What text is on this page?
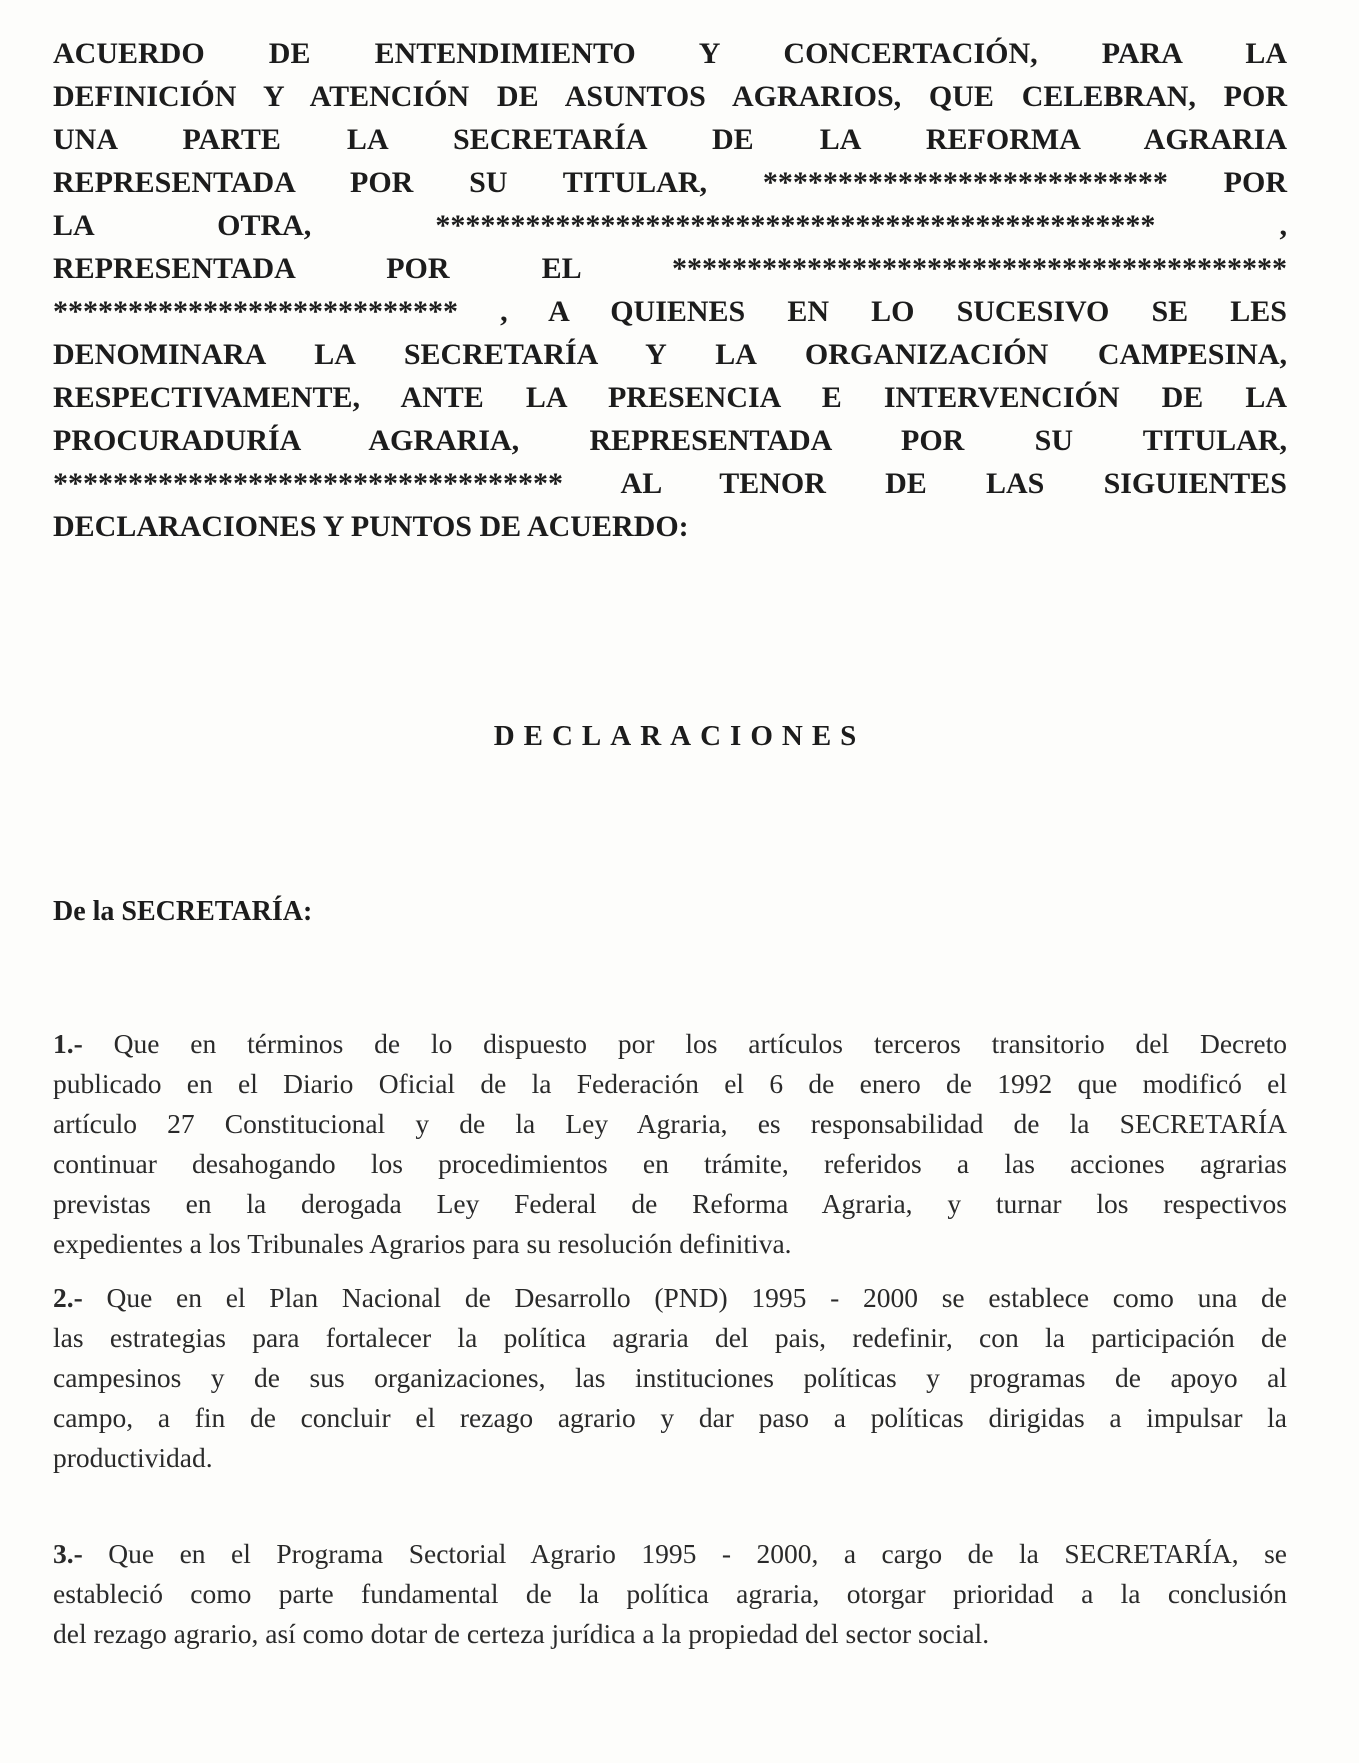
ACUERDO DE ENTENDIMIENTO Y CONCERTACIÓN, PARA LA
DEFINICIÓN Y ATENCIÓN DE ASUNTOS AGRARIOS, QUE CELEBRAN, POR
UNA PARTE LA SECRETARÍA DE LA REFORMA AGRARIA
REPRESENTADA POR SU TITULAR, *************************** POR
LA OTRA, ************************************************ ,
REPRESENTADA POR EL *****************************************
*************************** , A QUIENES EN LO SUCESIVO SE LES
DENOMINARA LA SECRETARÍA Y LA ORGANIZACIÓN CAMPESINA,
RESPECTIVAMENTE, ANTE LA PRESENCIA E INTERVENCIÓN DE LA
PROCURADURÍA AGRARIA, REPRESENTADA POR SU TITULAR,
********************************** AL TENOR DE LAS SIGUIENTES
DECLARACIONES Y PUNTOS DE ACUERDO:
DECLARACIONES
De la SECRETARÍA:
1.- Que en términos de lo dispuesto por los artículos terceros transitorio del Decreto
publicado en el Diario Oficial de la Federación el 6 de enero de 1992 que modificó el
artículo 27 Constitucional y de la Ley Agraria, es responsabilidad de la SECRETARÍA
continuar desahogando los procedimientos en trámite, referidos a las acciones agrarias
previstas en la derogada Ley Federal de Reforma Agraria, y turnar los respectivos
expedientes a los Tribunales Agrarios para su resolución definitiva.
2.- Que en el Plan Nacional de Desarrollo (PND) 1995 - 2000 se establece como una de
las estrategias para fortalecer la política agraria del pais, redefinir, con la participación de
campesinos y de sus organizaciones, las instituciones políticas y programas de apoyo al
campo, a fin de concluir el rezago agrario y dar paso a políticas dirigidas a impulsar la
productividad.
3.- Que en el Programa Sectorial Agrario 1995 - 2000, a cargo de la SECRETARÍA, se
estableció como parte fundamental de la política agraria, otorgar prioridad a la conclusión
del rezago agrario, así como dotar de certeza jurídica a la propiedad del sector social.
